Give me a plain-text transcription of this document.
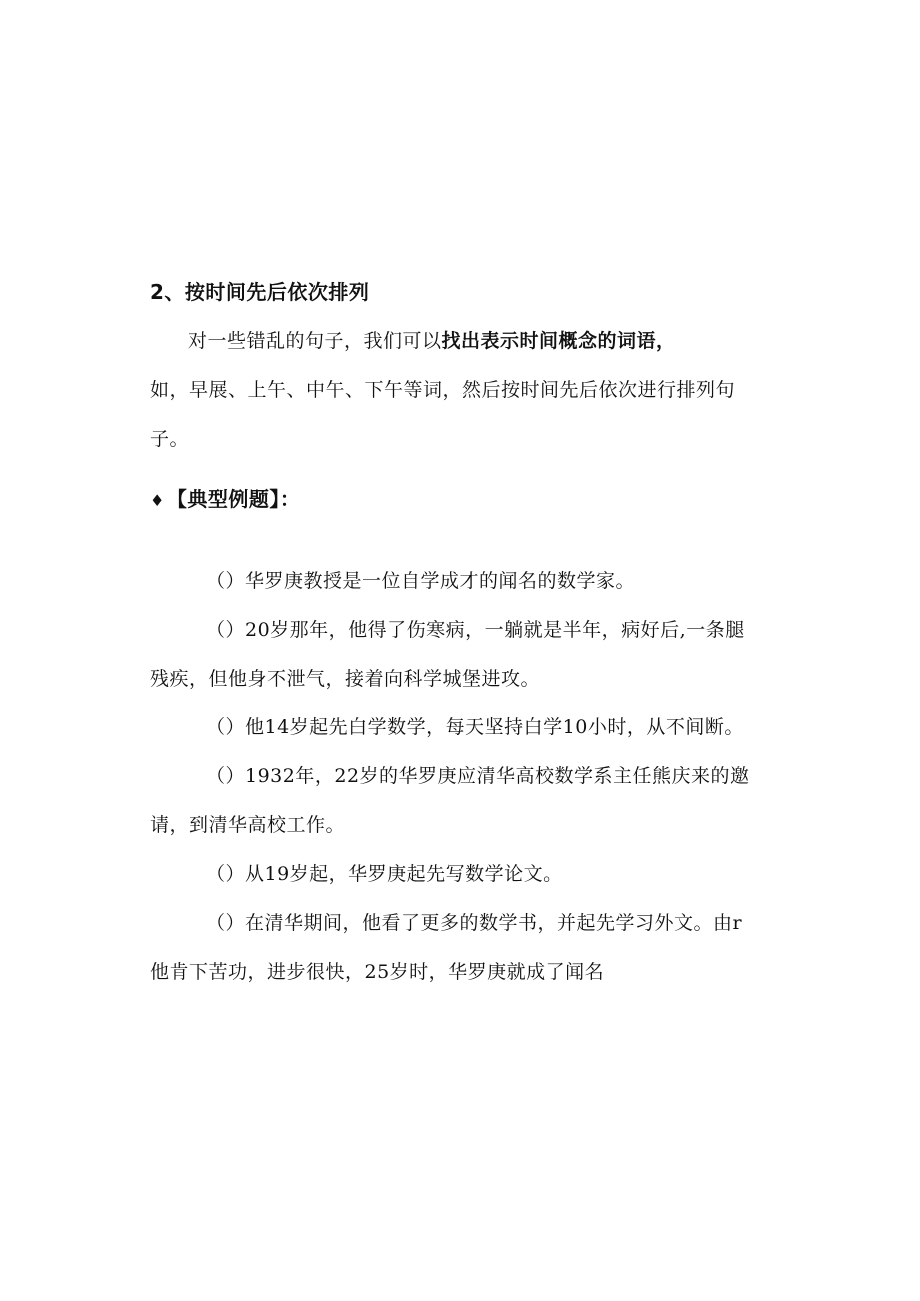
2、按时间先后依次排列

对一些错乱的句子，我们可以找出表示时间概念的词语，

如，早展、上午、中午、下午等词，然后按时间先后依次进行排列句

子。

♦ 【典型例题】：

（）华罗庚教授是一位自学成才的闻名的数学家。

（）20岁那年，他得了伤寒病，一躺就是半年，病好后,一条腿

残疾，但他身不泄气，接着向科学城堡进攻。

（）他14岁起先白学数学，每天坚持白学10小时，从不间断。

（）1932年，22岁的华罗庚应清华高校数学系主任熊庆来的邀

请，到清华高校工作。

（）从19岁起，华罗庚起先写数学论文。

（）在清华期间，他看了更多的数学书，并起先学习外文。由r

他肯下苦功，进步很快，25岁时，华罗庚就成了闻名
